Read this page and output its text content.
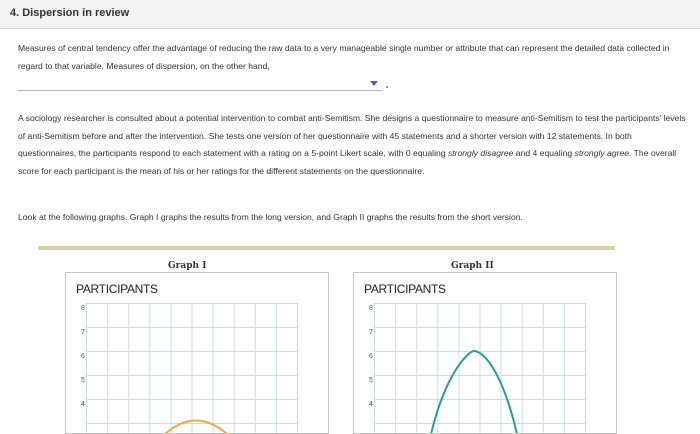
4. Dispersion in review
Measures of central tendency offer the advantage of reducing the raw data to a very manageable single number or attribute that can represent the detailed data collected in regard to that variable. Measures of dispersion, on the other hand,
A sociology researcher is consulted about a potential intervention to combat anti-Semitism. She designs a questionnaire to measure anti-Semitism to test the participants' levels of anti-Semitism before and after the intervention. She tests one version of her questionnaire with 45 statements and a shorter version with 12 statements. In both questionnaires, the participants respond to each statement with a rating on a 5-point Likert scale, with 0 equaling strongly disagree and 4 equaling strongly agree. The overall score for each participant is the mean of his or her ratings for the different statements on the questionnaire.
Look at the following graphs. Graph I graphs the results from the long version, and Graph II graphs the results from the short version.
Graph I	Graph II
PARTICIPANTS
8
7
6
5
4
PARTICIPANTS
8
7
6
5
4
